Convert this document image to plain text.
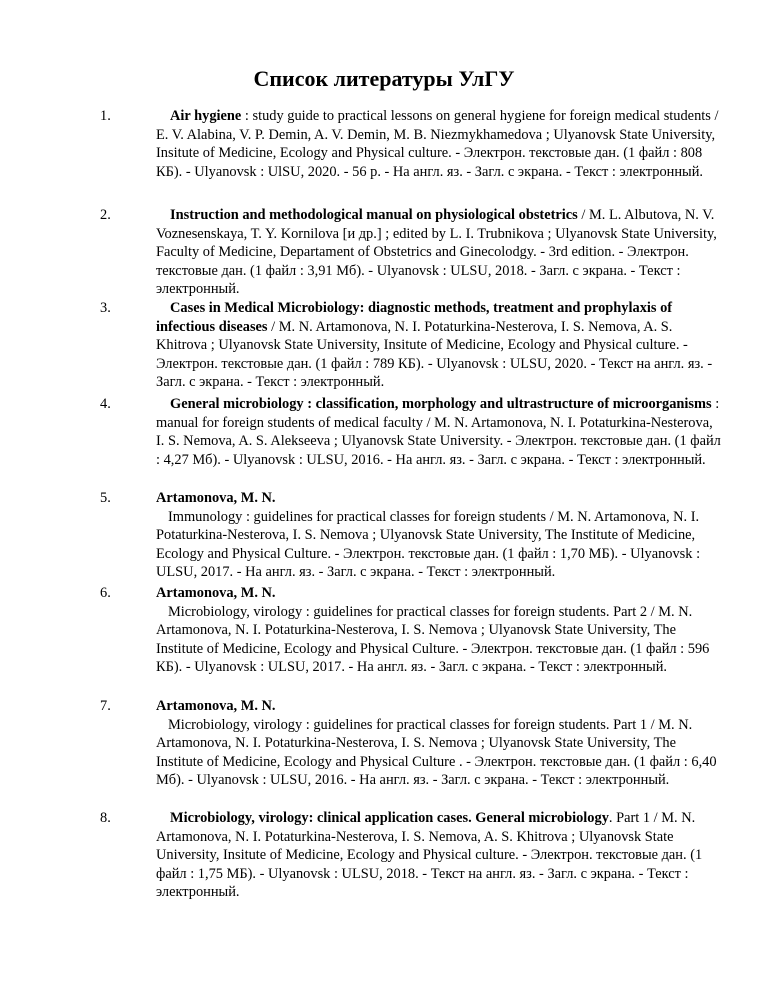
Список литературы УлГУ
1.	Air hygiene : study guide to practical lessons on general hygiene for foreign medical students / E. V. Alabina, V. P. Demin, A. V. Demin, M. B. Niezmykhamedova ; Ulyanovsk State University, Insitute of Medicine, Ecology and Physical culture. - Электрон. текстовые дан. (1 файл : 808 КБ). - Ulyanovsk : UlSU, 2020. - 56 p. - На англ. яз. - Загл. с экрана. - Текст : электронный.
2.	Instruction and methodological manual on physiological obstetrics / M. L. Albutova, N. V. Voznesenskaya, T. Y. Kornilova [и др.] ; edited by L. I. Trubnikova ; Ulyanovsk State University, Faculty of Medicine, Departament of Obstetrics and Ginecolodgy. - 3rd edition. - Электрон. текстовые дан. (1 файл : 3,91 Мб). - Ulyanovsk : ULSU, 2018. - Загл. с экрана. - Текст : электронный.
3.	Cases in Medical Microbiology: diagnostic methods, treatment and prophylaxis of infectious diseases / M. N. Artamonova, N. I. Potaturkina-Nesterova, I. S. Nemova, A. S. Khitrova ; Ulyanovsk State University, Insitute of Medicine, Ecology and Physical culture. - Электрон. текстовые дан. (1 файл : 789 КБ). - Ulyanovsk : ULSU, 2020. - Текст на англ. яз. - Загл. с экрана. - Текст : электронный.
4.	General microbiology : classification, morphology and ultrastructure of microorganisms : manual for foreign students of medical faculty / M. N. Artamonova, N. I. Potaturkina-Nesterova, I. S. Nemova, A. S. Alekseeva ; Ulyanovsk State University. - Электрон. текстовые дан. (1 файл : 4,27 Мб). - Ulyanovsk : ULSU, 2016. - На англ. яз. - Загл. с экрана. - Текст : электронный.
5.	Artamonova, M. N.
Immunology : guidelines for practical classes for foreign students / M. N. Artamonova, N. I. Potaturkina-Nesterova, I. S. Nemova ; Ulyanovsk State University, The Institute of Medicine, Ecology and Physical Culture. - Электрон. текстовые дан. (1 файл : 1,70 МБ). - Ulyanovsk : ULSU, 2017. - На англ. яз. - Загл. с экрана. - Текст : электронный.
6.	Artamonova, M. N.
Microbiology, virology : guidelines for practical classes for foreign students. Part 2 / M. N. Artamonova, N. I. Potaturkina-Nesterova, I. S. Nemova ; Ulyanovsk State University, The Institute of Medicine, Ecology and Physical Culture. - Электрон. текстовые дан. (1 файл : 596 КБ). - Ulyanovsk : ULSU, 2017. - На англ. яз. - Загл. с экрана. - Текст : электронный.
7.	Artamonova, M. N.
Microbiology, virology : guidelines for practical classes for foreign students. Part 1 / M. N. Artamonova, N. I. Potaturkina-Nesterova, I. S. Nemova ; Ulyanovsk State University, The Institute of Medicine, Ecology and Physical Culture . - Электрон. текстовые дан. (1 файл : 6,40 Мб). - Ulyanovsk : ULSU, 2016. - На англ. яз. - Загл. с экрана. - Текст : электронный.
8.	Microbiology, virology: clinical application cases. General microbiology. Part 1 / M. N. Artamonova, N. I. Potaturkina-Nesterova, I. S. Nemova, A. S. Khitrova ; Ulyanovsk State University, Insitute of Medicine, Ecology and Physical culture. - Электрон. текстовые дан. (1 файл : 1,75 МБ). - Ulyanovsk : ULSU, 2018. - Текст на англ. яз. - Загл. с экрана. - Текст : электронный.
